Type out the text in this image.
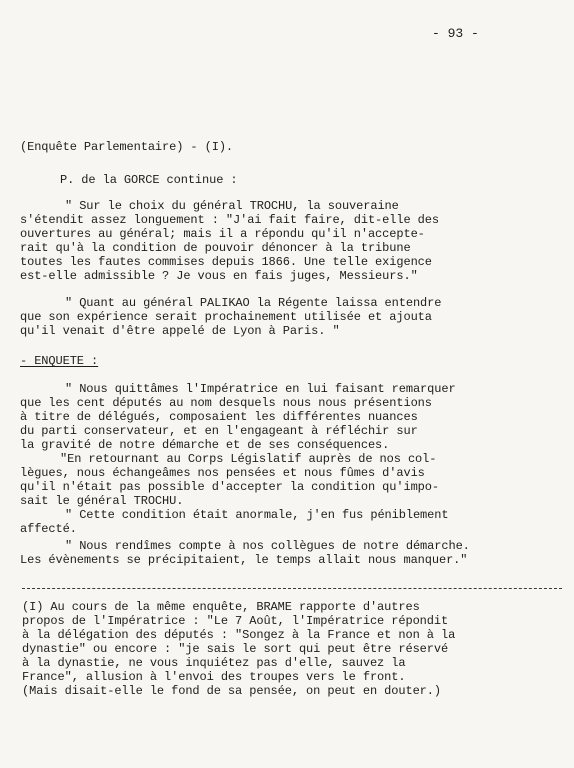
- 93 -
(Enquête Parlementaire) - (I).
P. de la GORCE continue :
" Sur le choix du général TROCHU, la souveraine
s'étendit assez longuement : "J'ai fait faire, dit-elle des
ouvertures au général; mais il a répondu qu'il n'accepte-
rait qu'à la condition de pouvoir dénoncer à la tribune
toutes les fautes commises depuis 1866. Une telle exigence
est-elle admissible ? Je vous en fais juges, Messieurs."
" Quant au général PALIKAO la Régente laissa entendre
que son expérience serait prochainement utilisée et ajouta
qu'il venait d'être appelé de Lyon à Paris. "
- ENQUETE :
" Nous quittâmes l'Impératrice en lui faisant remarquer
que les cent députés au nom desquels nous nous présentions
à titre de délégués, composaient les différentes nuances
du parti conservateur, et en l'engageant à réfléchir sur
la gravité de notre démarche et de ses conséquences.
"En retournant au Corps Législatif auprès de nos col-
lègues, nous échangeâmes nos pensées et nous fûmes d'avis
qu'il n'était pas possible d'accepter la condition qu'impo-
sait le général TROCHU.
" Cette condition était anormale, j'en fus péniblement
affecté.
" Nous rendîmes compte à nos collègues de notre démarche.
Les évènements se précipitaient, le temps allait nous manquer."
(I) Au cours de la même enquête, BRAME rapporte d'autres
propos de l'Impératrice : "Le 7 Août, l'Impératrice répondit
à la délégation des députés : "Songez à la France et non à la
dynastie" ou encore : "je sais le sort qui peut être réservé
à la dynastie, ne vous inquiétez pas d'elle, sauvez la
France", allusion à l'envoi des troupes vers le front.
(Mais disait-elle le fond de sa pensée, on peut en douter.)
